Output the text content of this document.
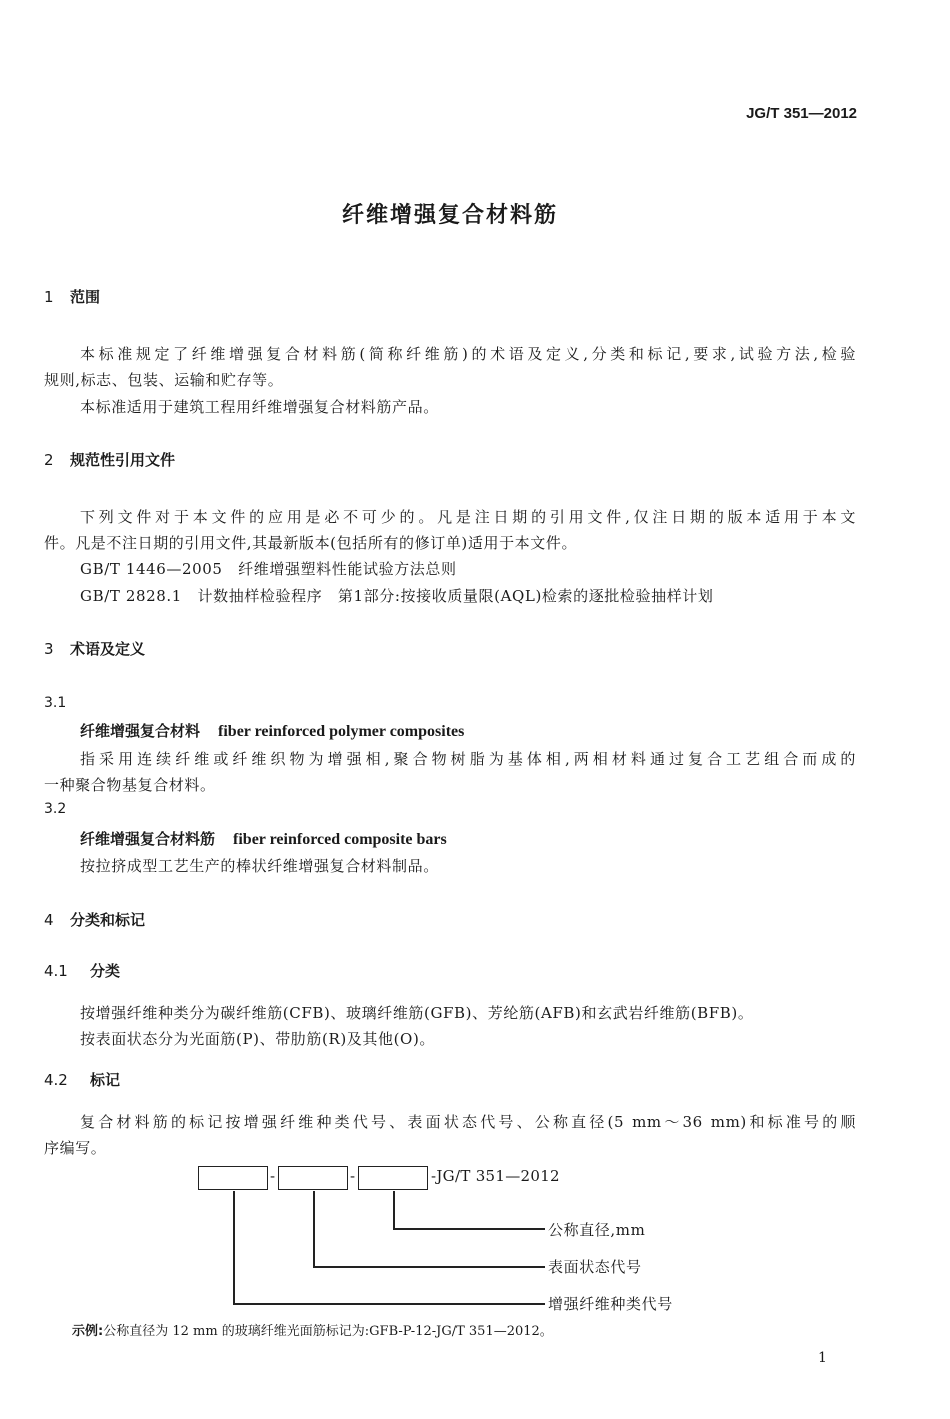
JG/T 351—2012
纤维增强复合材料筋
1 范围
本标准规定了纤维增强复合材料筋(简称纤维筋)的术语及定义,分类和标记,要求,试验方法,检验
规则,标志、包装、运输和贮存等。
本标准适用于建筑工程用纤维增强复合材料筋产品。
2 规范性引用文件
下列文件对于本文件的应用是必不可少的。凡是注日期的引用文件,仅注日期的版本适用于本文
件。凡是不注日期的引用文件,其最新版本(包括所有的修订单)适用于本文件。
GB/T 1446—2005　纤维增强塑料性能试验方法总则
GB/T 2828.1　计数抽样检验程序　第1部分:按接收质量限(AQL)检索的逐批检验抽样计划
3 术语及定义
3.1
纤维增强复合材料 fiber reinforced polymer composites
指采用连续纤维或纤维织物为增强相,聚合物树脂为基体相,两相材料通过复合工艺组合而成的
一种聚合物基复合材料。
3.2
纤维增强复合材料筋 fiber reinforced composite bars
按拉挤成型工艺生产的棒状纤维增强复合材料制品。
4 分类和标记
4.1 分类
按增强纤维种类分为碳纤维筋(CFB)、玻璃纤维筋(GFB)、芳纶筋(AFB)和玄武岩纤维筋(BFB)。
按表面状态分为光面筋(P)、带肋筋(R)及其他(O)。
4.2 标记
复合材料筋的标记按增强纤维种类代号、表面状态代号、公称直径(5 mm～36 mm)和标准号的顺
序编写。
-	-	-JG/T 351—2012
公称直径,mm
表面状态代号
增强纤维种类代号
示例:公称直径为 12 mm 的玻璃纤维光面筋标记为:GFB-P-12-JG/T 351—2012。
1
